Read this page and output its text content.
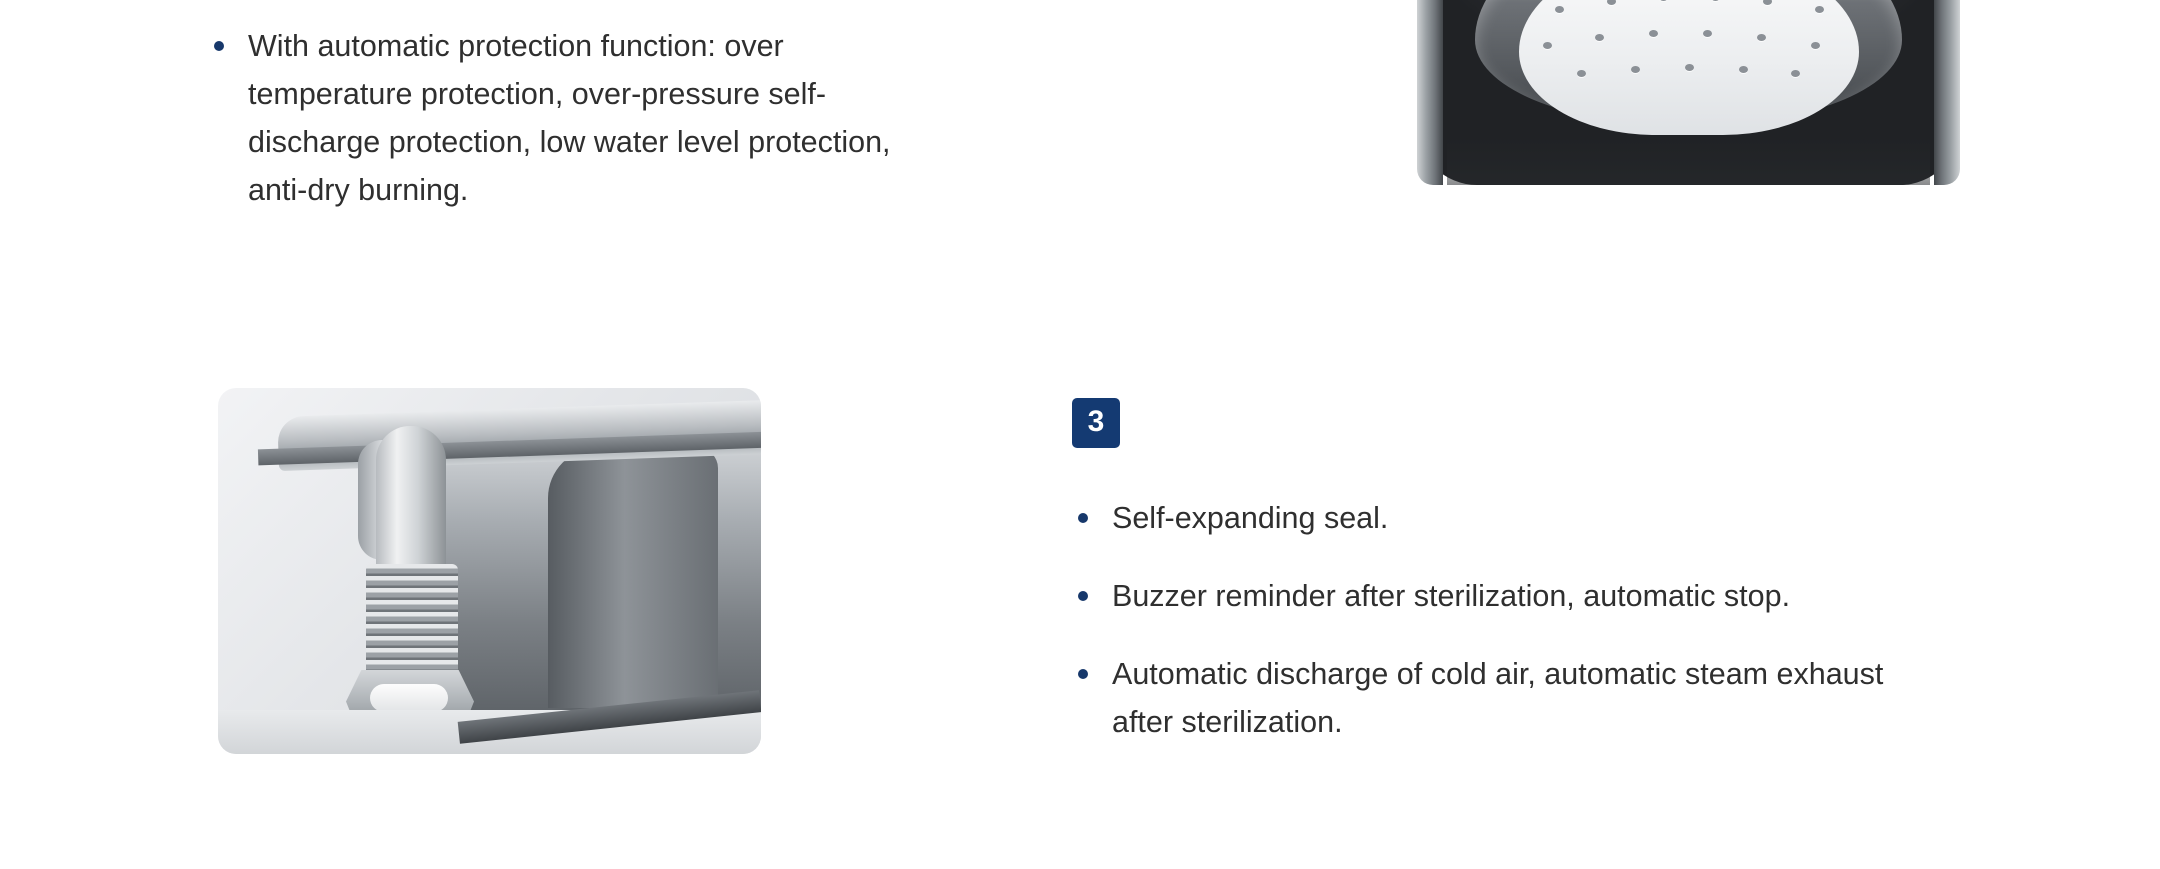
With automatic protection function: over temperature protection, over-pressure self-discharge protection, low water level protection, anti-dry burning.
3
Self-expanding seal.
Buzzer reminder after sterilization, automatic stop.
Automatic discharge of cold air, automatic steam exhaust after sterilization.
